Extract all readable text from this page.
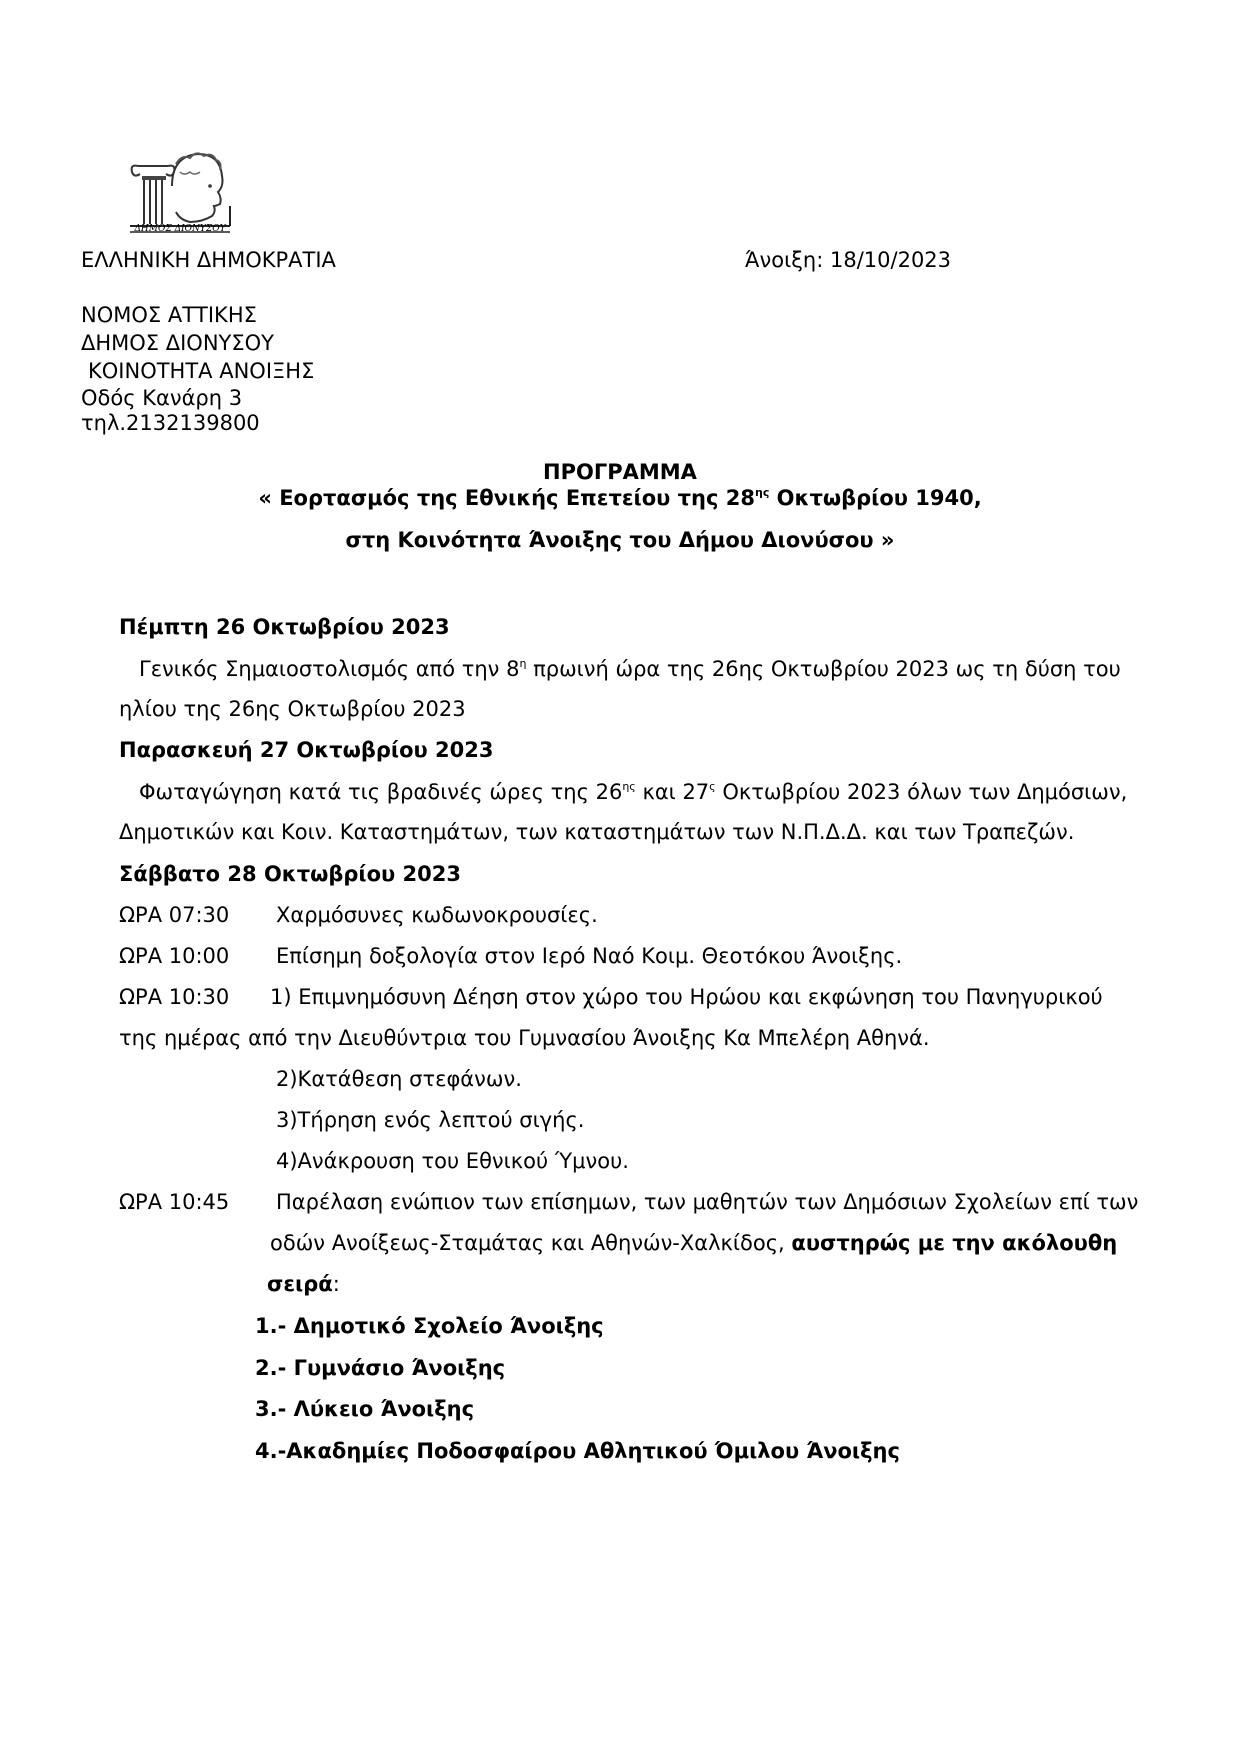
ΔΗΜΟΣ ΔΙΟΝΥΣΟΥ
ΕΛΛΗΝΙΚΗ ΔΗΜΟΚΡΑΤΙΑ	Άνοιξη: 18/10/2023
ΝΟΜΟΣ ΑΤΤΙΚΗΣ
ΔΗΜΟΣ ΔΙΟΝΥΣΟΥ
ΚΟΙΝΟΤΗΤΑ ΑΝΟΙΞΗΣ
Οδός Κανάρη 3
τηλ.2132139800
ΠΡΟΓΡΑΜΜΑ
« Εορτασμός της Εθνικής Επετείου της $28^{\eta\varsigma}$ Οκτωβρίου 1940,
στη Κοινότητα Άνοιξης του Δήμου Διονύσου »
Πέμπτη 26 Οκτωβρίου 2023
Γενικός Σημαιοστολισμός από την $8^\eta$ πρωινή ώρα της 26ης Οκτωβρίου 2023 ως τη δύση του
ηλίου της 26ης Οκτωβρίου 2023
Παρασκευή 27 Οκτωβρίου 2023
Φωταγώγηση κατά τις βραδινές ώρες της $26^{\eta\varsigma}$ και $27^\varsigma$ Οκτωβρίου 2023 όλων των Δημόσιων,
Δημοτικών και Κοιν. Καταστημάτων, των καταστημάτων των Ν.Π.Δ.Δ. και των Τραπεζών.
Σάββατο 28 Οκτωβρίου 2023
ΩΡΑ 07:30 Χαρμόσυνες κωδωνοκρουσίες.
ΩΡΑ 10:00 Επίσημη δοξολογία στον Ιερό Ναό Κοιμ. Θεοτόκου Άνοιξης.
ΩΡΑ 10:30 1) Επιμνημόσυνη Δέηση στον χώρο του Ηρώου και εκφώνηση του Πανηγυρικού
της ημέρας από την Διευθύντρια του Γυμνασίου Άνοιξης Κα Μπελέρη Αθηνά.
2)Κατάθεση στεφάνων.
3)Τήρηση ενός λεπτού σιγής.
4)Ανάκρουση του Εθνικού Ύμνου.
ΩΡΑ 10:45 Παρέλαση ενώπιον των επίσημων, των μαθητών των Δημόσιων Σχολείων επί των
οδών Ανοίξεως-Σταμάτας και Αθηνών-Χαλκίδος, αυστηρώς με την ακόλουθη
σειρά:
1.- Δημοτικό Σχολείο Άνοιξης
2.- Γυμνάσιο Άνοιξης
3.- Λύκειο Άνοιξης
4.-Ακαδημίες Ποδοσφαίρου Αθλητικού Όμιλου Άνοιξης
